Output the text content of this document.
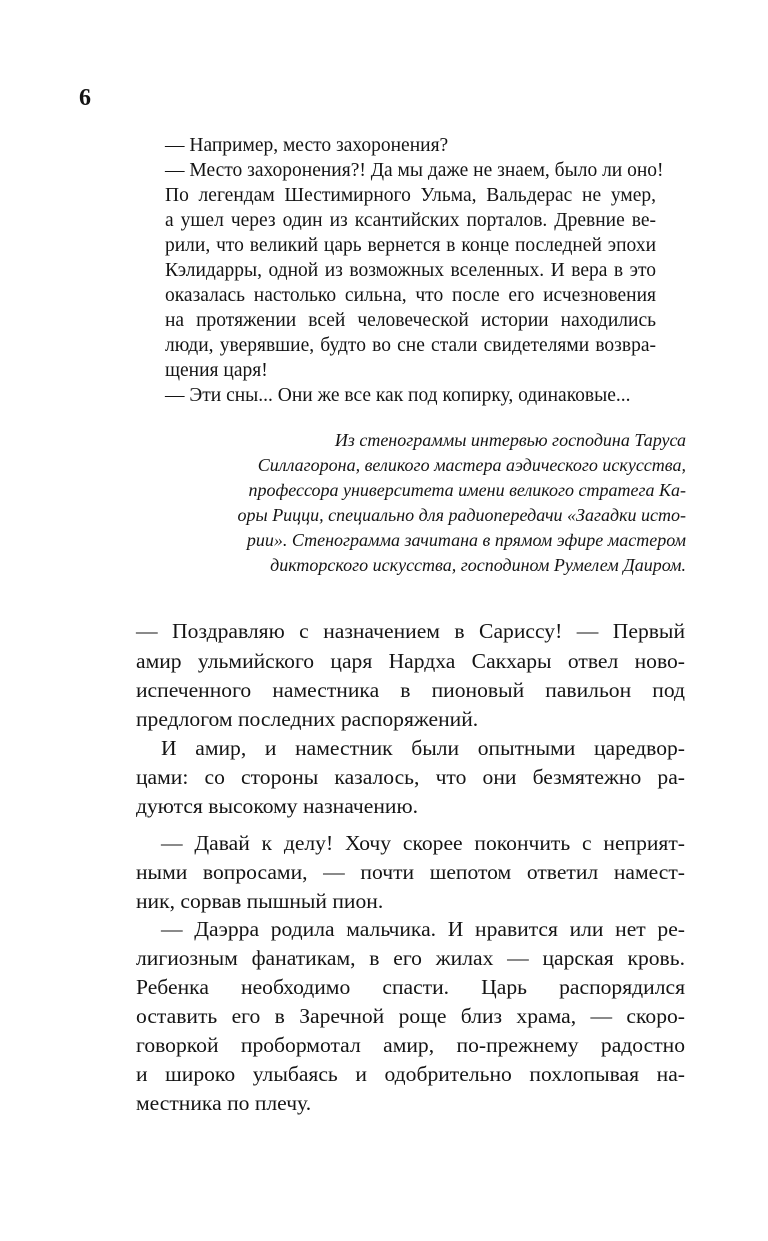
6
— Например, место захоронения?
— Место захоронения?! Да мы даже не знаем, было ли оно!
По легендам Шестимирного Ульма, Вальдерас не умер,
а ушел через один из ксантийских порталов. Древние ве-
рили, что великий царь вернется в конце последней эпохи
Кэлидарры, одной из возможных вселенных. И вера в это
оказалась настолько сильна, что после его исчезновения
на протяжении всей человеческой истории находились
люди, уверявшие, будто во сне стали свидетелями возвра-
щения царя!
— Эти сны... Они же все как под копирку, одинаковые...
Из стенограммы интервью господина Таруса
Силлагорона, великого мастера аэдического искусства,
профессора университета имени великого стратега Ка-
оры Рицци, специально для радиопередачи «Загадки исто-
рии». Стенограмма зачитана в прямом эфире мастером
дикторского искусства, господином Румелем Даиром.
— Поздравляю с назначением в Сариссу! — Первый
амир ульмийского царя Нардха Сакхары отвел ново-
испеченного наместника в пионовый павильон под
предлогом последних распоряжений.
И амир, и наместник были опытными царедвор-
цами: со стороны казалось, что они безмятежно ра-
дуются высокому назначению.
— Давай к делу! Хочу скорее покончить с неприят-
ными вопросами, — почти шепотом ответил намест-
ник, сорвав пышный пион.
— Даэрра родила мальчика. И нравится или нет ре-
лигиозным фанатикам, в его жилах — царская кровь.
Ребенка необходимо спасти. Царь распорядился
оставить его в Заречной роще близ храма, — скоро-
говоркой пробормотал амир, по-прежнему радостно
и широко улыбаясь и одобрительно похлопывая на-
местника по плечу.
